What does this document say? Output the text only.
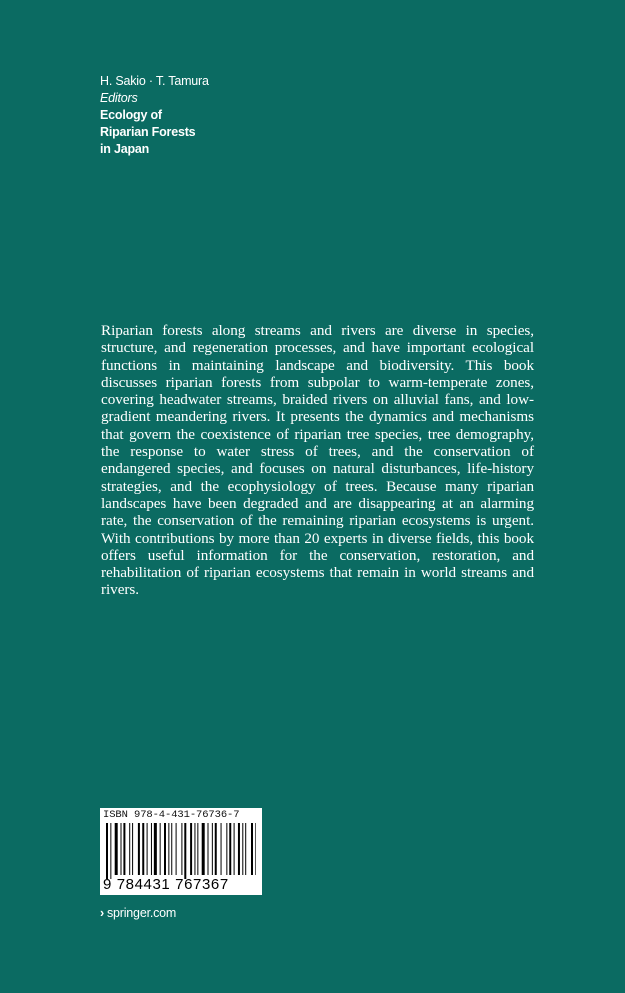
H. Sakio · T. Tamura
Editors
Ecology of
Riparian Forests
in Japan

Riparian forests along streams and rivers are diverse in species, structure, and regeneration processes, and have important ecological functions in maintaining landscape and biodiversity. This book discusses riparian forests from subpolar to warm-temperate zones, covering headwater streams, braided rivers on alluvial fans, and low-gradient meandering rivers. It presents the dynamics and mechanisms that govern the coexistence of riparian tree species, tree demography, the response to water stress of trees, and the conservation of endangered species, and focuses on natural disturbances, life-history strategies, and the ecophysiology of trees. Because many riparian landscapes have been degraded and are disappearing at an alarming rate, the conservation of the remaining riparian ecosystems is urgent. With contributions by more than 20 experts in diverse fields, this book offers useful information for the conservation, restoration, and rehabilitation of riparian ecosystems that remain in world streams and rivers.

ISBN 978-4-431-76736-7
9 784431 767367
› springer.com
